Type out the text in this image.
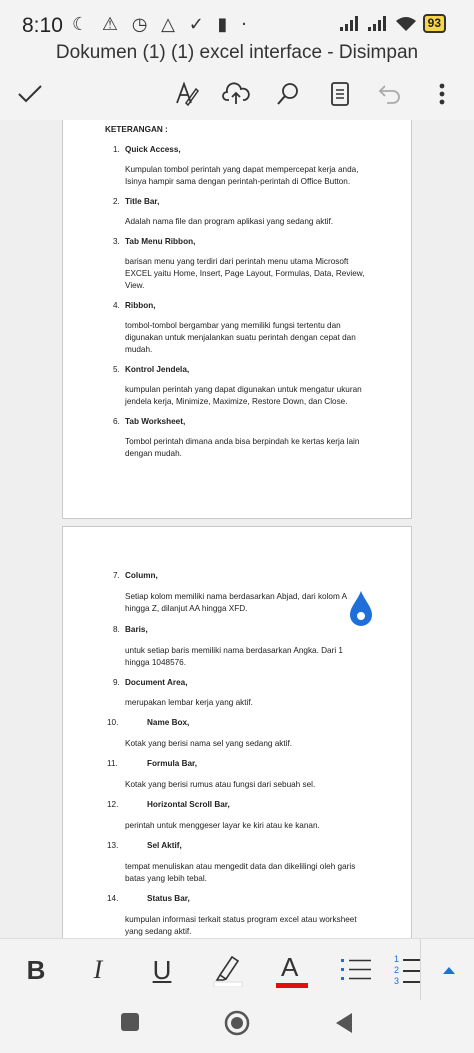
8:10 ☾ ⚠ ◷ △ ✓ ▮ ·	93
Dokumen (1) (1) excel interface - Disimpan
KETERANGAN :
1. Quick Access,
Kumpulan tombol perintah yang dapat mempercepat kerja anda,
Isinya hampir sama dengan perintah-perintah di Office Button.
2. Title Bar,
Adalah nama file dan program aplikasi yang sedang aktif.
3. Tab Menu Ribbon,
barisan menu yang terdiri dari perintah menu utama Microsoft
EXCEL yaitu Home, Insert, Page Layout, Formulas, Data, Review,
View.
4. Ribbon,
tombol-tombol bergambar yang memiliki fungsi tertentu dan
digunakan untuk menjalankan suatu perintah dengan cepat dan
mudah.
5. Kontrol Jendela,
kumpulan perintah yang dapat digunakan untuk mengatur ukuran
jendela kerja, Minimize, Maximize, Restore Down, dan Close.
6. Tab Worksheet,
Tombol perintah dimana anda bisa berpindah ke kertas kerja lain
dengan mudah.
7. Column,
Setiap kolom memiliki nama berdasarkan Abjad, dari kolom A
hingga Z, dilanjut AA hingga XFD.
8. Baris,
untuk setiap baris memiliki nama berdasarkan Angka. Dari 1
hingga 1048576.
9. Document Area,
merupakan lembar kerja yang aktif.
10.	Name Box,
Kotak yang berisi nama sel yang sedang aktif.
11.	Formula Bar,
Kotak yang berisi rumus atau fungsi dari sebuah sel.
12.	Horizontal Scroll Bar,
perintah untuk menggeser layar ke kiri atau ke kanan.
13.	Sel Aktif,
tempat menuliskan atau mengedit data dan dikelilingi oleh garis
batas yang lebih tebal.
14.	Status Bar,
kumpulan informasi terkait status program excel atau worksheet
yang sedang aktif.
B	I	U	A	1
2
3
